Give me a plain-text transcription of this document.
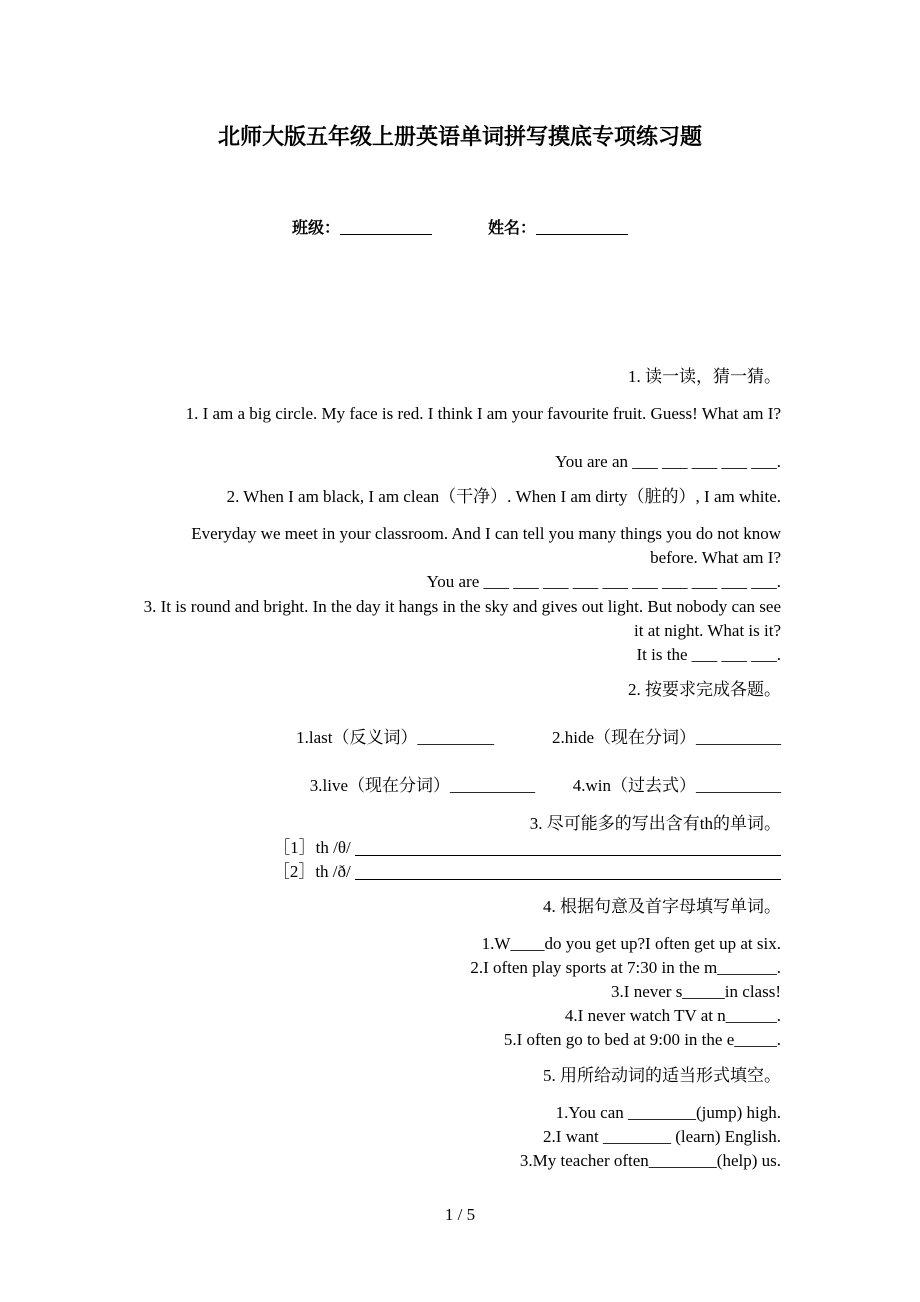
北师大版五年级上册英语单词拼写摸底专项练习题
班级：	姓名：
1. 读一读，猜一猜。
1. I am a big circle. My face is red. I think I am your favourite fruit. Guess! What am I?
You are an ___ ___ ___ ___ ___.
2. When I am black, I am clean（干净）. When I am dirty（脏的）, I am white.
Everyday we meet in your classroom. And I can tell you many things you do not know before. What am I?
You are ___ ___ ___ ___ ___ ___ ___ ___ ___ ___.
3. It is round and bright. In the day it hangs in the sky and gives out light. But nobody can see it at night. What is it?
It is the ___ ___ ___.
2. 按要求完成各题。
1.last（反义词）_________	2.hide（现在分词）__________
3.live（现在分词）__________ 4.win（过去式）__________
3. 尽可能多的写出含有th的单词。
［1］th /θ/
［2］th /ð/
4. 根据句意及首字母填写单词。
1.W____do you get up?I often get up at six.
2.I often play sports at 7:30 in the m_______.
3.I never s_____in class!
4.I never watch TV at n______.
5.I often go to bed at 9:00 in the e_____.
5. 用所给动词的适当形式填空。
1.You can ________(jump) high.
2.I want ________ (learn) English.
3.My teacher often________(help) us.
1 / 5
